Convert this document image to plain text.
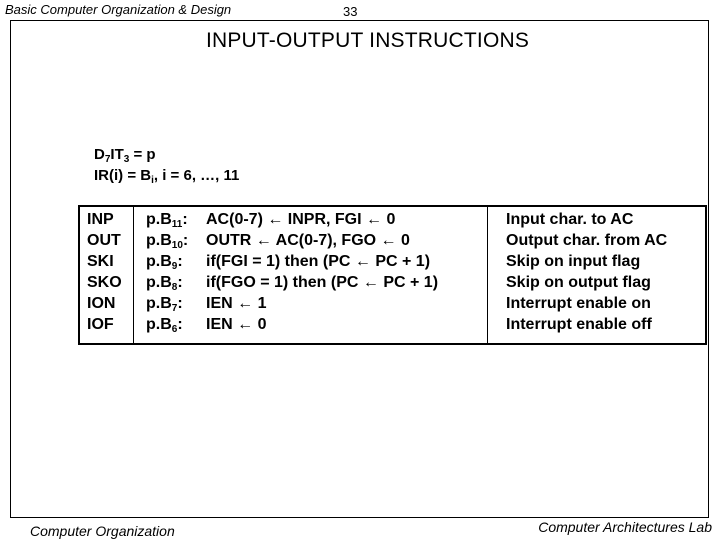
Basic Computer Organization & Design	33
INPUT-OUTPUT INSTRUCTIONS
$D_7IT_3 = p$
$IR(i) = B_i$, i = 6, …, 11
INP
OUT
SKI
SKO
ION
IOF
$p.B_{11}$:
$p.B_{10}$:
$p.B_9$:
$p.B_8$:
$p.B_7$:
$p.B_6$:
AC(0-7) ← INPR, FGI ← 0
OUTR ← AC(0-7), FGO ← 0
if(FGI = 1) then (PC ← PC + 1)
if(FGO = 1) then (PC ← PC + 1)
IEN ← 1
IEN ← 0
Input char. to AC
Output char. from AC
Skip on input flag
Skip on output flag
Interrupt enable on
Interrupt enable off
Computer Organization	Computer Architectures Lab
